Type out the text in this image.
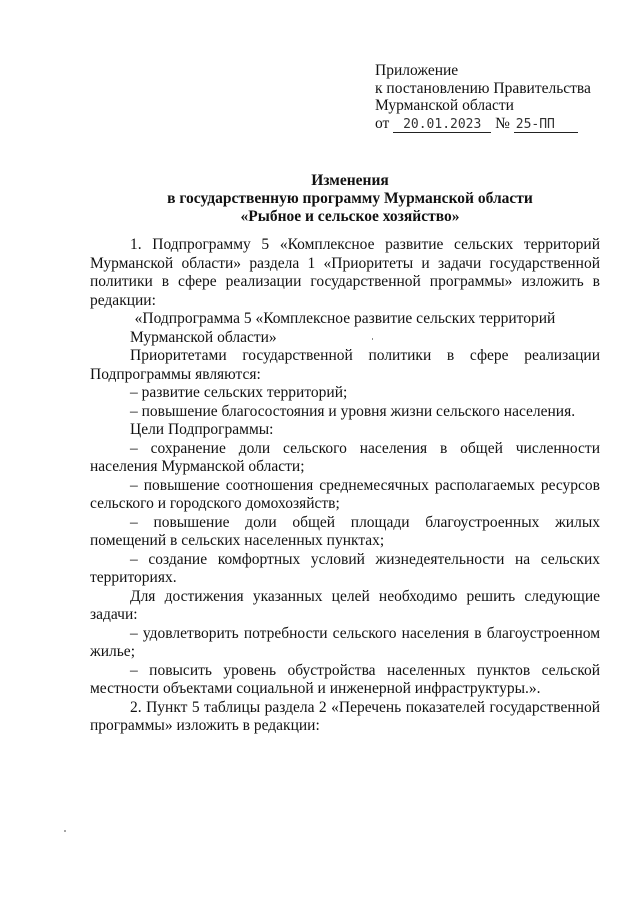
Приложение
к постановлению Правительства
Мурманской области
от 20.01.2023 № 25-ПП
Изменения
в государственную программу Мурманской области
«Рыбное и сельское хозяйство»
1. Подпрограмму 5 «Комплексное развитие сельских территорий Мурманской области» раздела 1 «Приоритеты и задачи государственной политики в сфере реализации государственной программы» изложить в редакции:
«Подпрограмма 5 «Комплексное развитие сельских территорий Мурманской области»
Приоритетами государственной политики в сфере реализации Подпрограммы являются:
– развитие сельских территорий;
– повышение благосостояния и уровня жизни сельского населения.
Цели Подпрограммы:
– сохранение доли сельского населения в общей численности населения Мурманской области;
– повышение соотношения среднемесячных располагаемых ресурсов сельского и городского домохозяйств;
– повышение доли общей площади благоустроенных жилых помещений в сельских населенных пунктах;
– создание комфортных условий жизнедеятельности на сельских территориях.
Для достижения указанных целей необходимо решить следующие задачи:
– удовлетворить потребности сельского населения в благоустроенном жилье;
– повысить уровень обустройства населенных пунктов сельской местности объектами социальной и инженерной инфраструктуры.».
2. Пункт 5 таблицы раздела 2 «Перечень показателей государственной программы» изложить в редакции:
